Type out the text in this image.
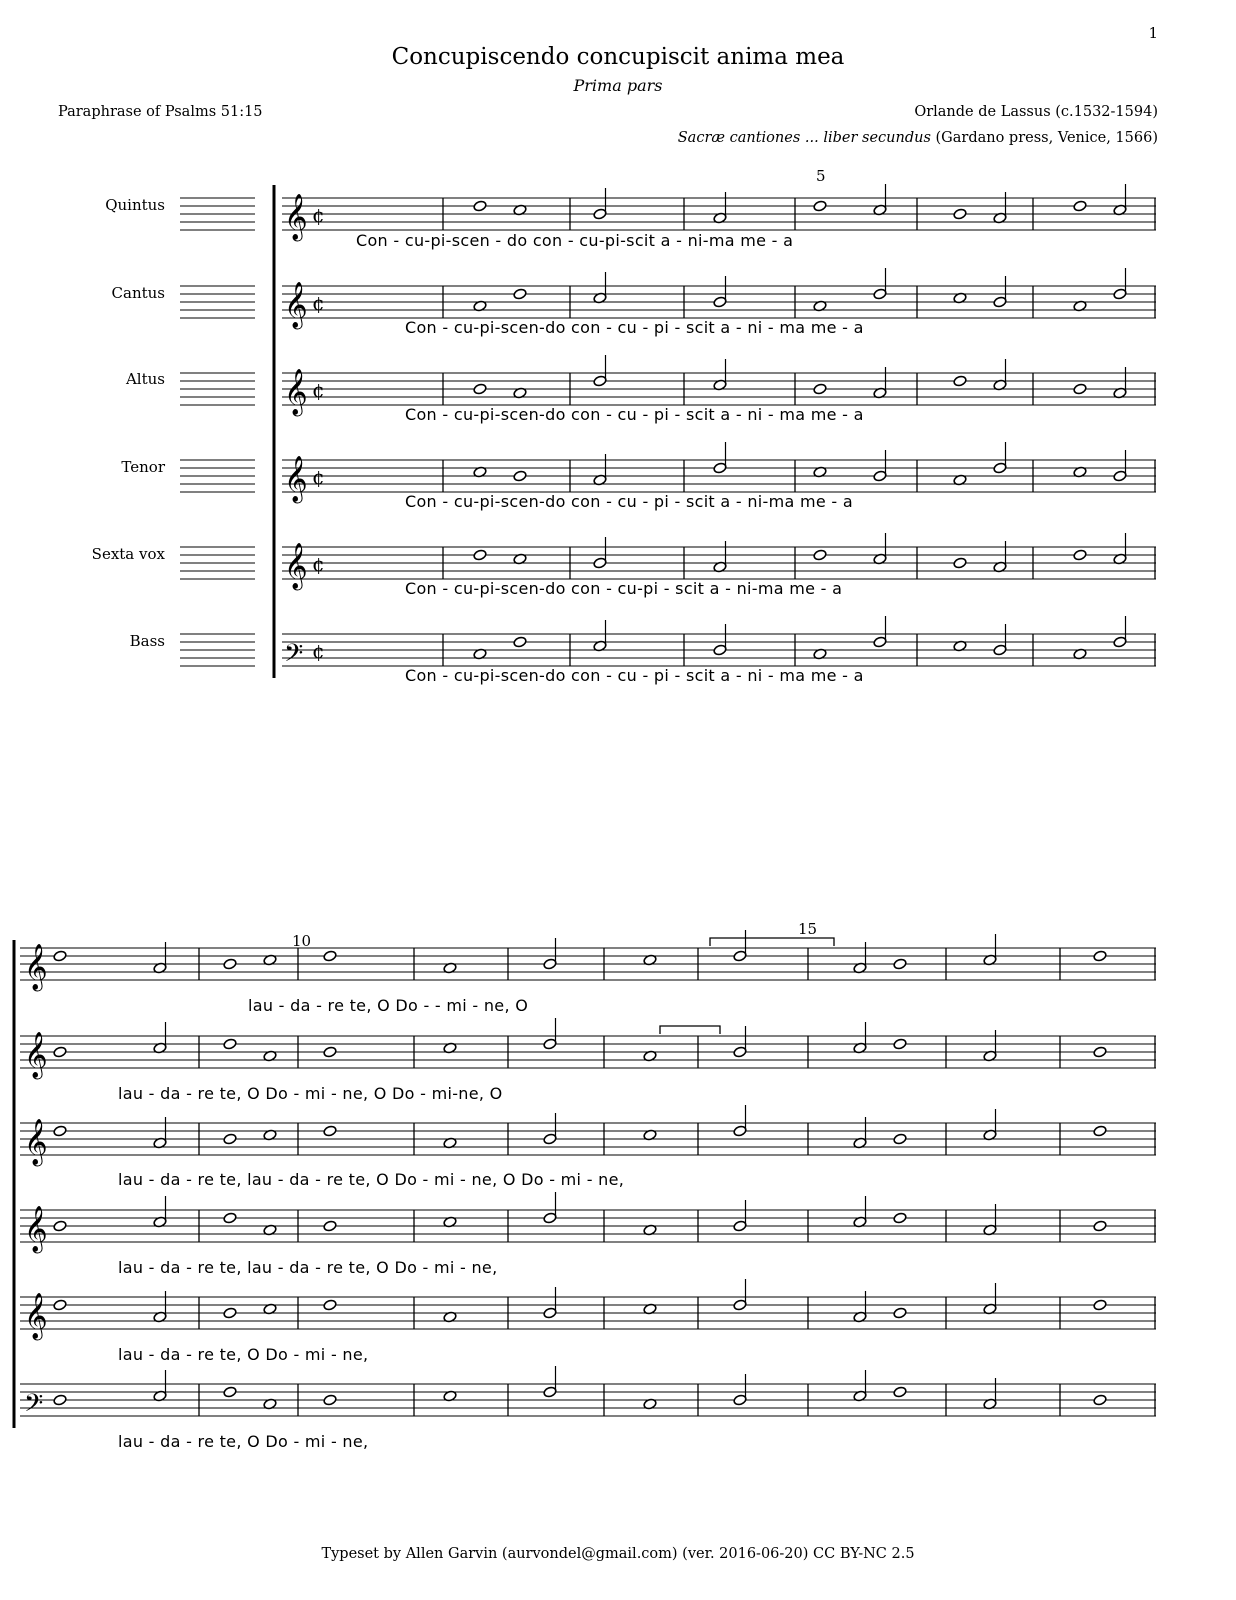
1
Concupiscendo concupiscit anima mea
Prima pars
Paraphrase of Psalms 51:15	Orlande de Lassus (c.1532-1594)
Sacræ cantiones ... liber secundus (Gardano press, Venice, 1566)
Quintus
Cantus
Altus
Tenor
Sexta vox
Bass
5
10
15
Con - cu-pi-scen - do con - cu-pi-scit a - ni-ma me - a
Con - cu-pi-scen-do con - cu - pi - scit a - ni - ma me - a
Con - cu-pi-scen-do con - cu - pi - scit a - ni - ma me - a
Con - cu-pi-scen-do con - cu - pi - scit a - ni-ma me - a
Con - cu-pi-scen-do con - cu-pi - scit a - ni-ma me - a
Con - cu-pi-scen-do con - cu - pi - scit a - ni - ma me - a
lau - da - re te, O Do - - mi - ne, O
lau - da - re te, O Do - mi - ne, O Do - mi-ne, O
lau - da - re te, lau - da - re te, O Do - mi - ne, O Do - mi - ne,
lau - da - re te, lau - da - re te, O Do - mi - ne,
lau - da - re te, O Do - mi - ne,
lau - da - re te, O Do - mi - ne,
Typeset by Allen Garvin (aurvondel@gmail.com) (ver. 2016-06-20) CC BY-NC 2.5
𝄞 ¢
𝄞 ¢
𝄞 ¢
𝄞 ¢
𝄞 ¢
𝄢 ¢
𝄞
𝄞
𝄞
𝄞
𝄞
𝄢
